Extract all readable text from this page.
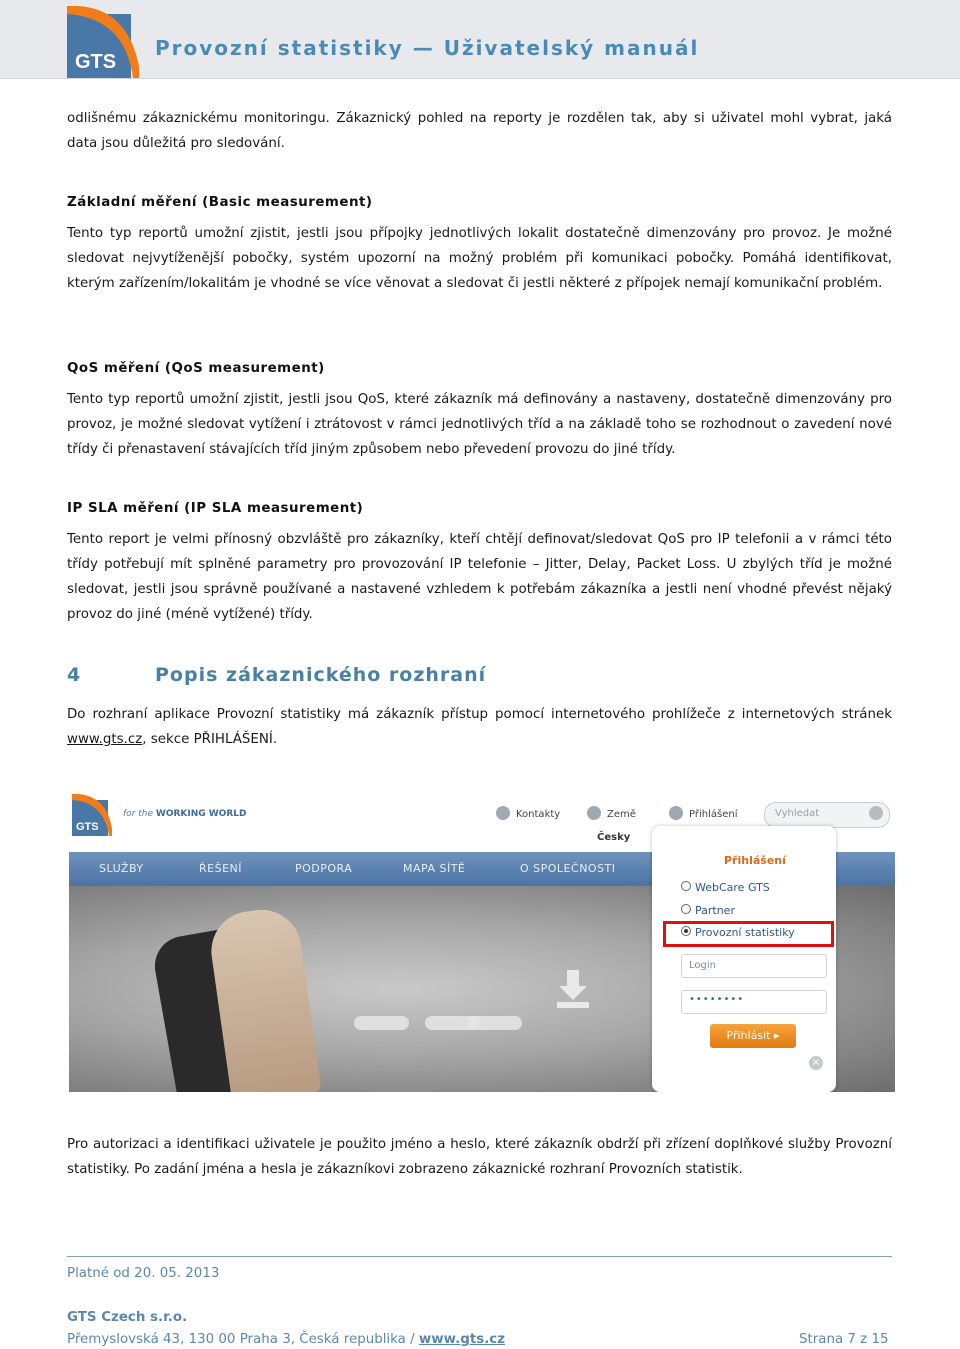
GTS
Provozní statistiky — Uživatelský manuál
odlišnému zákaznickému monitoringu. Zákaznický pohled na reporty je rozdělen tak, aby si uživatel mohl vybrat, jaká data jsou důležitá pro sledování.
Základní měření (Basic measurement)
Tento typ reportů umožní zjistit, jestli jsou přípojky jednotlivých lokalit dostatečně dimenzovány pro provoz. Je možné sledovat nejvytíženější pobočky, systém upozorní na možný problém při komunikaci pobočky. Pomáhá identifikovat, kterým zařízením/lokalitám je vhodné se více věnovat a sledovat či jestli některé z přípojek nemají komunikační problém.
QoS měření (QoS measurement)
Tento typ reportů umožní zjistit, jestli jsou QoS, které zákazník má definovány a nastaveny, dostatečně dimenzovány pro provoz, je možné sledovat vytížení i ztrátovost v rámci jednotlivých tříd a na základě toho se rozhodnout o zavedení nové třídy či přenastavení stávajících tříd jiným způsobem nebo převedení provozu do jiné třídy.
IP SLA měření (IP SLA measurement)
Tento report je velmi přínosný obzvláště pro zákazníky, kteří chtějí definovat/sledovat QoS pro IP telefonii a v rámci této třídy potřebují mít splněné parametry pro provozování IP telefonie – Jitter, Delay, Packet Loss. U zbylých tříd je možné sledovat, jestli jsou správně používané a nastavené vzhledem k potřebám zákazníka a jestli není vhodné převést nějaký provoz do jiné (méně vytížené) třídy.
4	Popis zákaznického rozhraní
Do rozhraní aplikace Provozní statistiky má zákazník přístup pomocí internetového prohlížeče z internetových stránek www.gts.cz, sekce PŘIHLÁŠENÍ.
GTS
for the WORKING WORLD	Kontakty	Země	Přihlášení	Vyhledat
Česky
SLUŽBY	ŘEŠENÍ	PODPORA	MAPA SÍTĚ	O SPOLEČNOSTI
Přihlášení
WebCare GTS
Partner
Provozní statistiky
Login
••••••••
Přihlásit ▸
×
Pro autorizaci a identifikaci uživatele je použito jméno a heslo, které zákazník obdrží při zřízení doplňkové služby Provozní statistiky. Po zadání jména a hesla je zákazníkovi zobrazeno zákaznické rozhraní Provozních statistik.
Platné od 20. 05. 2013
GTS Czech s.r.o.
Přemyslovská 43, 130 00 Praha 3, Česká republika / www.gts.cz	Strana 7 z 15
